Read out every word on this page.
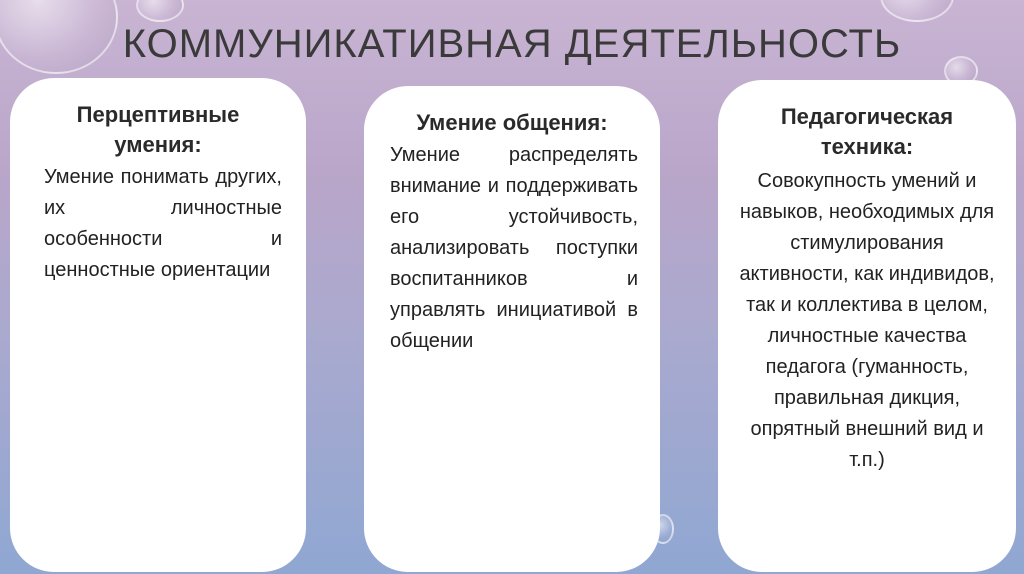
КОММУНИКАТИВНАЯ ДЕЯТЕЛЬНОСТЬ
Перцептивные умения:
Умение понимать других, их личностные особенности и ценностные ориентации
Умение общения:
Умение распределять внимание и поддерживать его устойчивость, анализировать поступки воспитанников и управлять инициативой в общении
Педагогическая техника:
Совокупность умений и навыков, необходимых для стимулирования активности, как индивидов, так и коллектива в целом, личностные качества педагога (гуманность, правильная дикция, опрятный внешний вид и т.п.)
